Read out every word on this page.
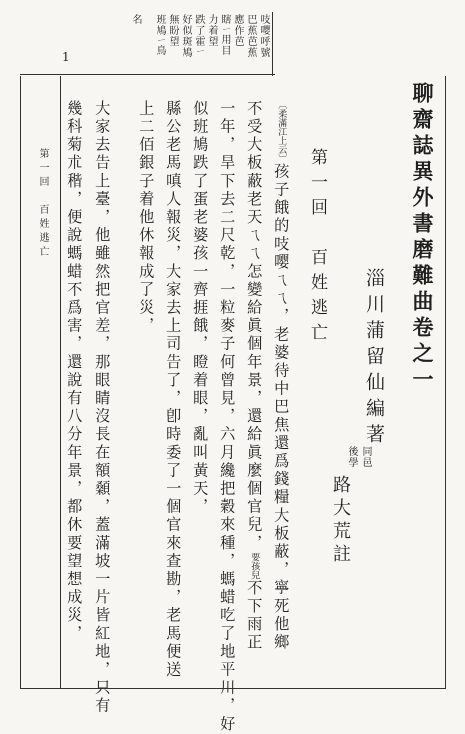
聊齋誌異外書磨難曲卷之一
淄川蒲留仙編著
同邑
後學
路大荒註
第一回　百姓逃亡
〔柔滿江上云〕孩子餓的吱嘤ㄟㄟ，老婆待中巴焦還爲錢糧大板蔽，寧死他鄉
不受大板蔽老天ㄟㄟ怎變給眞個年景，還給眞麼個官兒，要孩兒不下雨正
一年，旱下去二尺乾，一粒麥子何曾見，六月纔把穀來種，螞蜡吃了地平川，好
似班鳩跌了蛋老婆孩一齊捱餓，瞪着眼，亂叫黃天，
縣公老馬嗔人報災，大家去上司告了，卽時委了一個官來查勘，老馬便送
上二佰銀子着他休報成了災，
大家去告上臺，他雖然把官差，那眼睛沒長在額顙，蓋滿坡一片皆紅地，只有
幾科菊朮稭，便說螞蜡不爲害，還說有八分年景，都休要望想成災，
吱嘤呼號
巴蕉芭蕉
應作芭
瞎ㄧ用目
力着望
跌了霍ㄧ
好似斑鳩
無盼望
班鳩ㄧ鳥
名
1
第一回　百姓逃亡
